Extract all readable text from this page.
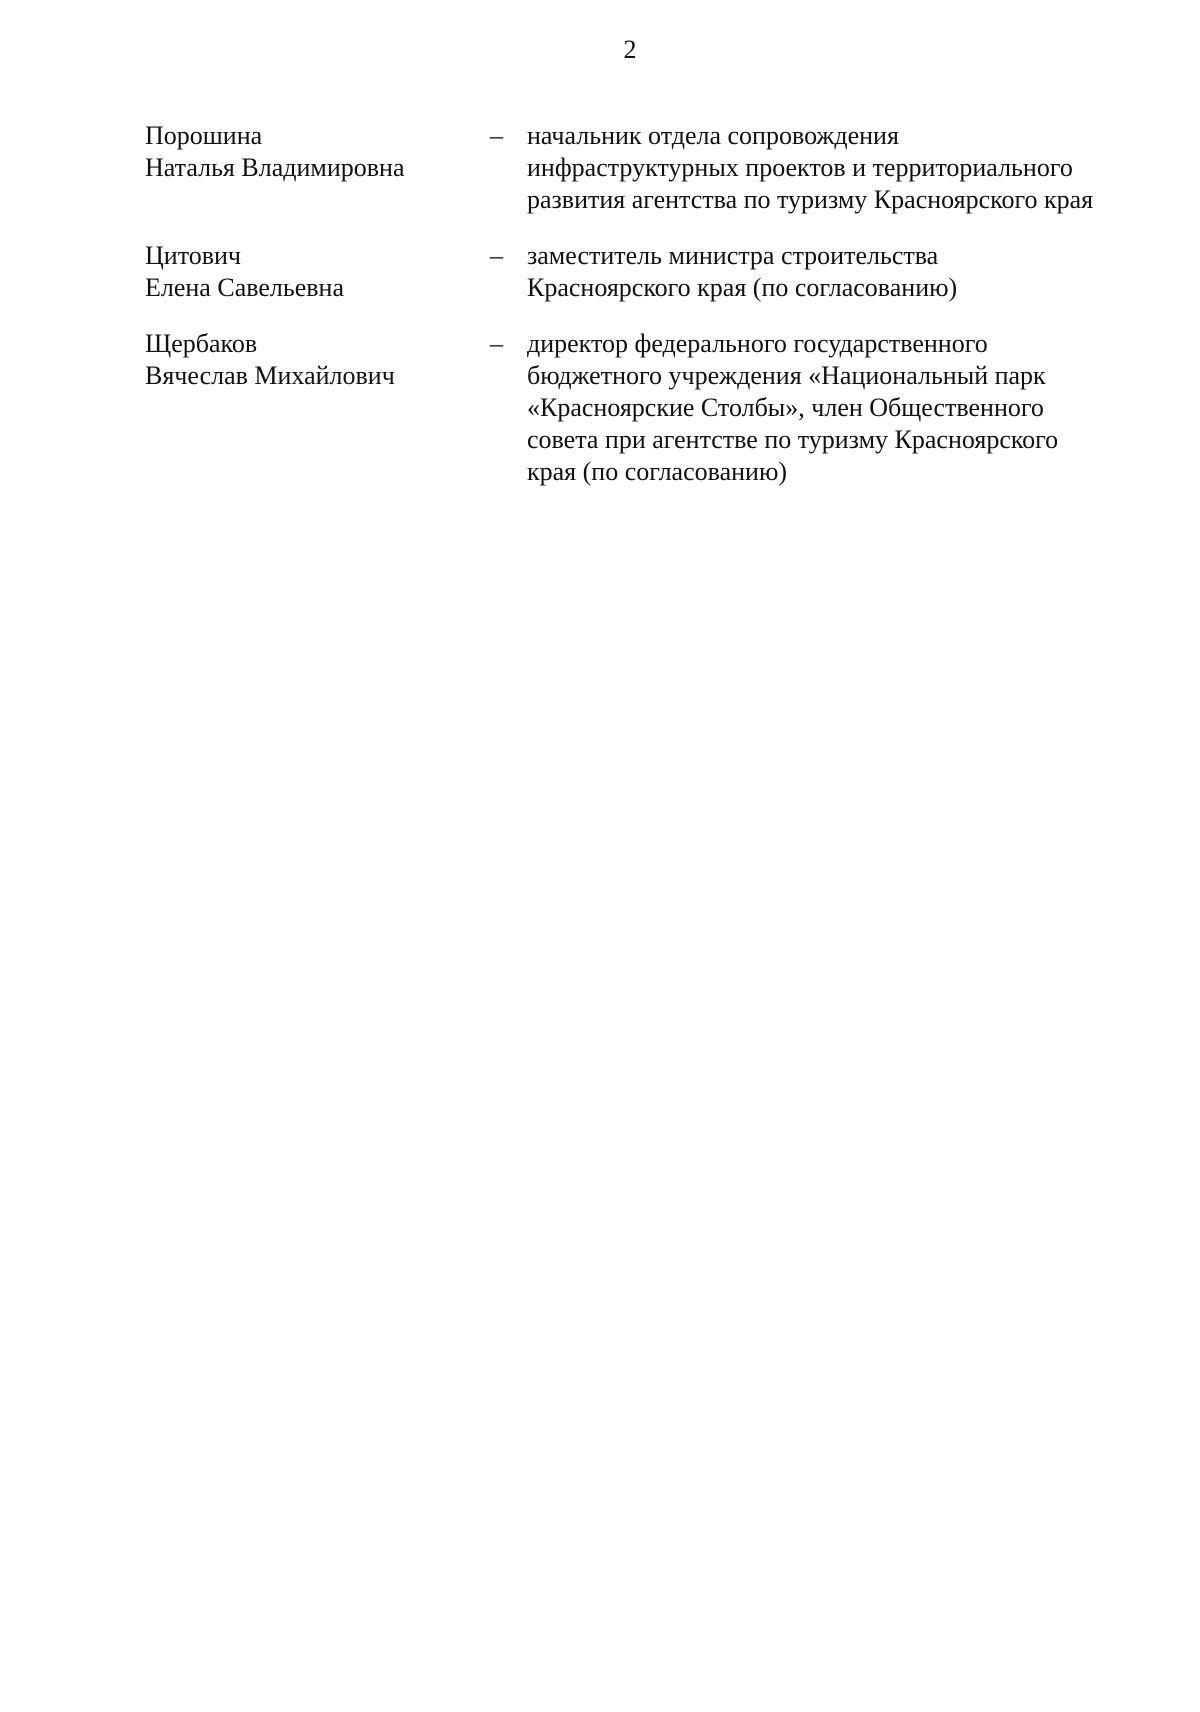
2
Порошина
Наталья Владимировна
– начальник отдела сопровождения
инфраструктурных проектов и территориального
развития агентства по туризму Красноярского края
Цитович
Елена Савельевна
– заместитель министра строительства
Красноярского края (по согласованию)
Щербаков
Вячеслав Михайлович
– директор федерального государственного
бюджетного учреждения «Национальный парк
«Красноярские Столбы», член Общественного
совета при агентстве по туризму Красноярского
края (по согласованию)
